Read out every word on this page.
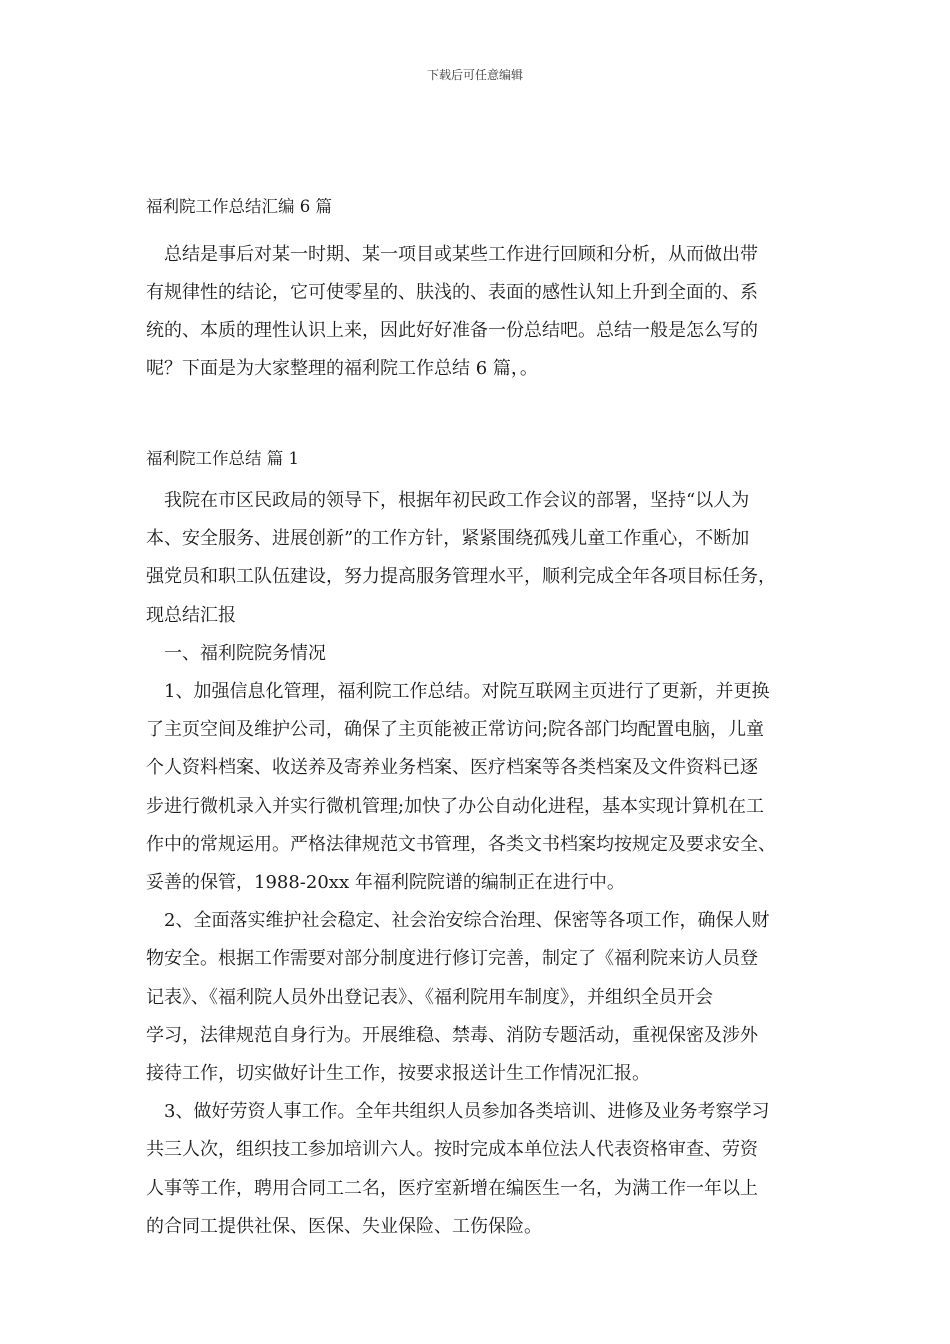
下载后可任意编辑
福利院工作总结汇编 6 篇
总结是事后对某一时期、某一项目或某些工作进行回顾和分析，从而做出带
有规律性的结论，它可使零星的、肤浅的、表面的感性认知上升到全面的、系
统的、本质的理性认识上来，因此好好准备一份总结吧。总结一般是怎么写的
呢？下面是为大家整理的福利院工作总结 6 篇，。
福利院工作总结 篇 1
我院在市区民政局的领导下，根据年初民政工作会议的部署，坚持“以人为
本、安全服务、进展创新”的工作方针，紧紧围绕孤残儿童工作重心，不断加
强党员和职工队伍建设，努力提高服务管理水平，顺利完成全年各项目标任务，
现总结汇报
一、福利院院务情况
1、加强信息化管理，福利院工作总结。对院互联网主页进行了更新，并更换
了主页空间及维护公司，确保了主页能被正常访问;院各部门均配置电脑，儿童
个人资料档案、收送养及寄养业务档案、医疗档案等各类档案及文件资料已逐
步进行微机录入并实行微机管理;加快了办公自动化进程，基本实现计算机在工
作中的常规运用。严格法律规范文书管理，各类文书档案均按规定及要求安全、
妥善的保管，1988-20xx 年福利院院谱的编制正在进行中。
2、全面落实维护社会稳定、社会治安综合治理、保密等各项工作，确保人财
物安全。根据工作需要对部分制度进行修订完善，制定了《福利院来访人员登
记表》、《福利院人员外出登记表》、《福利院用车制度》，并组织全员开会
学习，法律规范自身行为。开展维稳、禁毒、消防专题活动，重视保密及涉外
接待工作，切实做好计生工作，按要求报送计生工作情况汇报。
3、做好劳资人事工作。全年共组织人员参加各类培训、进修及业务考察学习
共三人次，组织技工参加培训六人。按时完成本单位法人代表资格审查、劳资
人事等工作，聘用合同工二名，医疗室新增在编医生一名，为满工作一年以上
的合同工提供社保、医保、失业保险、工伤保险。
